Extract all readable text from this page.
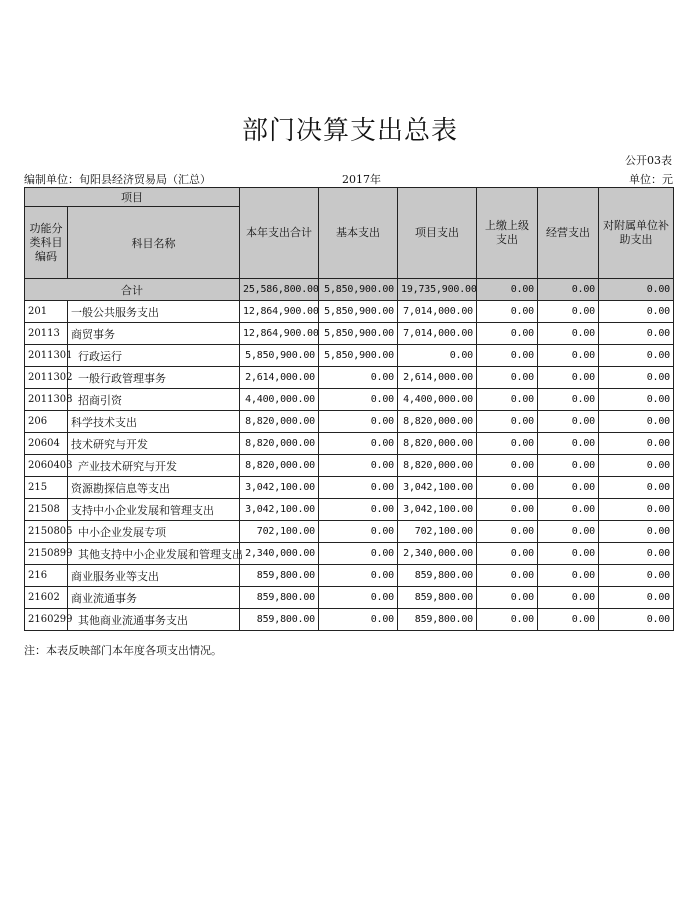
部门决算支出总表
公开03表
编制单位：旬阳县经济贸易局（汇总）	2017年	单位：元
项目		本年支出合计	基本支出	项目支出	上缴上级支出	经营支出	对附属单位补助支出
功能分类科目编码	科目名称						
合计		25,586,800.00	5,850,900.00	19,735,900.00	0.00	0.00	0.00
201	一般公共服务支出	12,864,900.00	5,850,900.00	7,014,000.00	0.00	0.00	0.00
20113	商贸事务	12,864,900.00	5,850,900.00	7,014,000.00	0.00	0.00	0.00
2011301	行政运行	5,850,900.00	5,850,900.00	0.00	0.00	0.00	0.00
2011302	一般行政管理事务	2,614,000.00	0.00	2,614,000.00	0.00	0.00	0.00
2011308	招商引资	4,400,000.00	0.00	4,400,000.00	0.00	0.00	0.00
206	科学技术支出	8,820,000.00	0.00	8,820,000.00	0.00	0.00	0.00
20604	技术研究与开发	8,820,000.00	0.00	8,820,000.00	0.00	0.00	0.00
2060403	产业技术研究与开发	8,820,000.00	0.00	8,820,000.00	0.00	0.00	0.00
215	资源勘探信息等支出	3,042,100.00	0.00	3,042,100.00	0.00	0.00	0.00
21508	支持中小企业发展和管理支出	3,042,100.00	0.00	3,042,100.00	0.00	0.00	0.00
2150805	中小企业发展专项	702,100.00	0.00	702,100.00	0.00	0.00	0.00
2150899	其他支持中小企业发展和管理支出	2,340,000.00	0.00	2,340,000.00	0.00	0.00	0.00
216	商业服务业等支出	859,800.00	0.00	859,800.00	0.00	0.00	0.00
21602	商业流通事务	859,800.00	0.00	859,800.00	0.00	0.00	0.00
2160299	其他商业流通事务支出	859,800.00	0.00	859,800.00	0.00	0.00	0.00
注：本表反映部门本年度各项支出情况。
